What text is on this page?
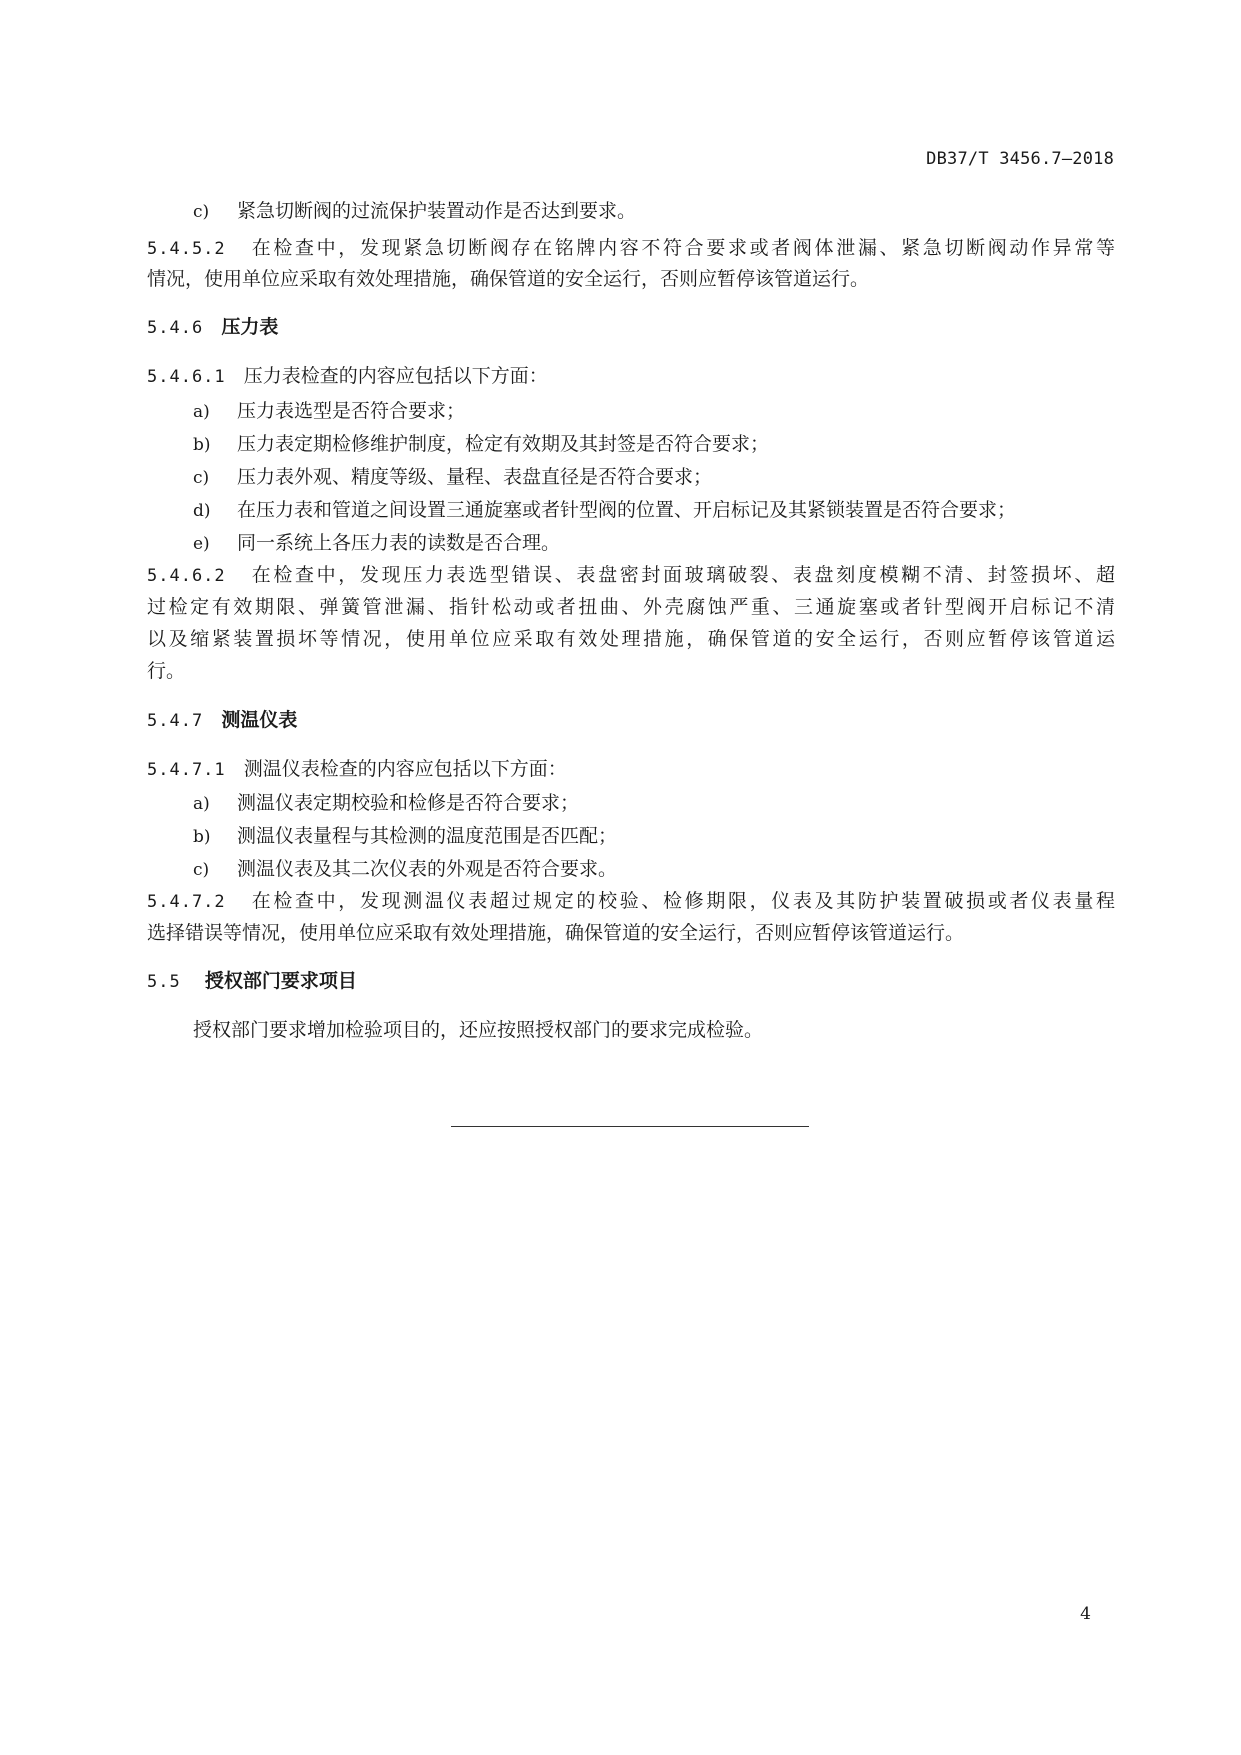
DB37/T 3456.7—2018
c) 紧急切断阀的过流保护装置动作是否达到要求。
5.4.5.2 在检查中，发现紧急切断阀存在铭牌内容不符合要求或者阀体泄漏、紧急切断阀动作异常等
情况，使用单位应采取有效处理措施，确保管道的安全运行，否则应暂停该管道运行。
5.4.6 压力表
5.4.6.1 压力表检查的内容应包括以下方面：
a) 压力表选型是否符合要求；
b) 压力表定期检修维护制度，检定有效期及其封签是否符合要求；
c) 压力表外观、精度等级、量程、表盘直径是否符合要求；
d) 在压力表和管道之间设置三通旋塞或者针型阀的位置、开启标记及其紧锁装置是否符合要求；
e) 同一系统上各压力表的读数是否合理。
5.4.6.2 在检查中，发现压力表选型错误、表盘密封面玻璃破裂、表盘刻度模糊不清、封签损坏、超
过检定有效期限、弹簧管泄漏、指针松动或者扭曲、外壳腐蚀严重、三通旋塞或者针型阀开启标记不清
以及缩紧装置损坏等情况，使用单位应采取有效处理措施，确保管道的安全运行，否则应暂停该管道运
行。
5.4.7 测温仪表
5.4.7.1 测温仪表检查的内容应包括以下方面：
a) 测温仪表定期校验和检修是否符合要求；
b) 测温仪表量程与其检测的温度范围是否匹配；
c) 测温仪表及其二次仪表的外观是否符合要求。
5.4.7.2 在检查中，发现测温仪表超过规定的校验、检修期限，仪表及其防护装置破损或者仪表量程
选择错误等情况，使用单位应采取有效处理措施，确保管道的安全运行，否则应暂停该管道运行。
5.5 授权部门要求项目
授权部门要求增加检验项目的，还应按照授权部门的要求完成检验。
4
